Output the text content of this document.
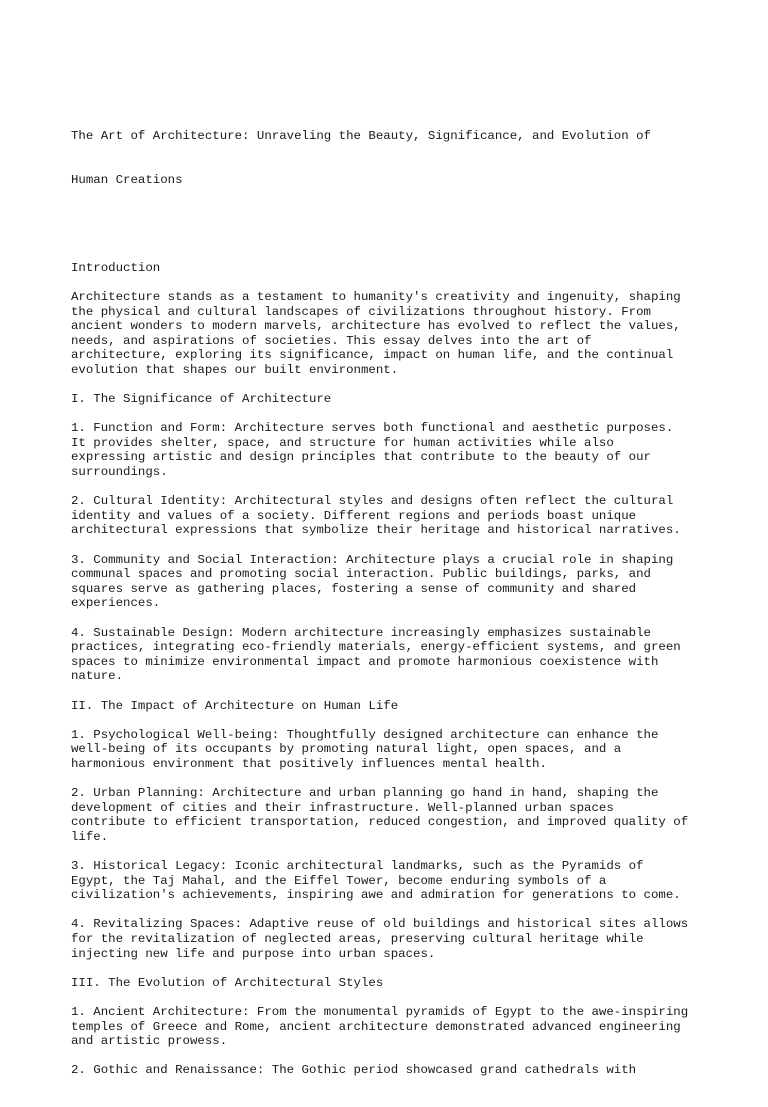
The Art of Architecture: Unraveling the Beauty, Significance, and Evolution of

Human Creations

Introduction
Architecture stands as a testament to humanity's creativity and ingenuity, shaping
the physical and cultural landscapes of civilizations throughout history. From
ancient wonders to modern marvels, architecture has evolved to reflect the values,
needs, and aspirations of societies. This essay delves into the art of
architecture, exploring its significance, impact on human life, and the continual
evolution that shapes our built environment.
I. The Significance of Architecture
1. Function and Form: Architecture serves both functional and aesthetic purposes.
It provides shelter, space, and structure for human activities while also
expressing artistic and design principles that contribute to the beauty of our
surroundings.
2. Cultural Identity: Architectural styles and designs often reflect the cultural
identity and values of a society. Different regions and periods boast unique
architectural expressions that symbolize their heritage and historical narratives.
3. Community and Social Interaction: Architecture plays a crucial role in shaping
communal spaces and promoting social interaction. Public buildings, parks, and
squares serve as gathering places, fostering a sense of community and shared
experiences.
4. Sustainable Design: Modern architecture increasingly emphasizes sustainable
practices, integrating eco-friendly materials, energy-efficient systems, and green
spaces to minimize environmental impact and promote harmonious coexistence with
nature.
II. The Impact of Architecture on Human Life
1. Psychological Well-being: Thoughtfully designed architecture can enhance the
well-being of its occupants by promoting natural light, open spaces, and a
harmonious environment that positively influences mental health.
2. Urban Planning: Architecture and urban planning go hand in hand, shaping the
development of cities and their infrastructure. Well-planned urban spaces
contribute to efficient transportation, reduced congestion, and improved quality of
life.
3. Historical Legacy: Iconic architectural landmarks, such as the Pyramids of
Egypt, the Taj Mahal, and the Eiffel Tower, become enduring symbols of a
civilization's achievements, inspiring awe and admiration for generations to come.
4. Revitalizing Spaces: Adaptive reuse of old buildings and historical sites allows
for the revitalization of neglected areas, preserving cultural heritage while
injecting new life and purpose into urban spaces.
III. The Evolution of Architectural Styles
1. Ancient Architecture: From the monumental pyramids of Egypt to the awe-inspiring
temples of Greece and Rome, ancient architecture demonstrated advanced engineering
and artistic prowess.
2. Gothic and Renaissance: The Gothic period showcased grand cathedrals with
